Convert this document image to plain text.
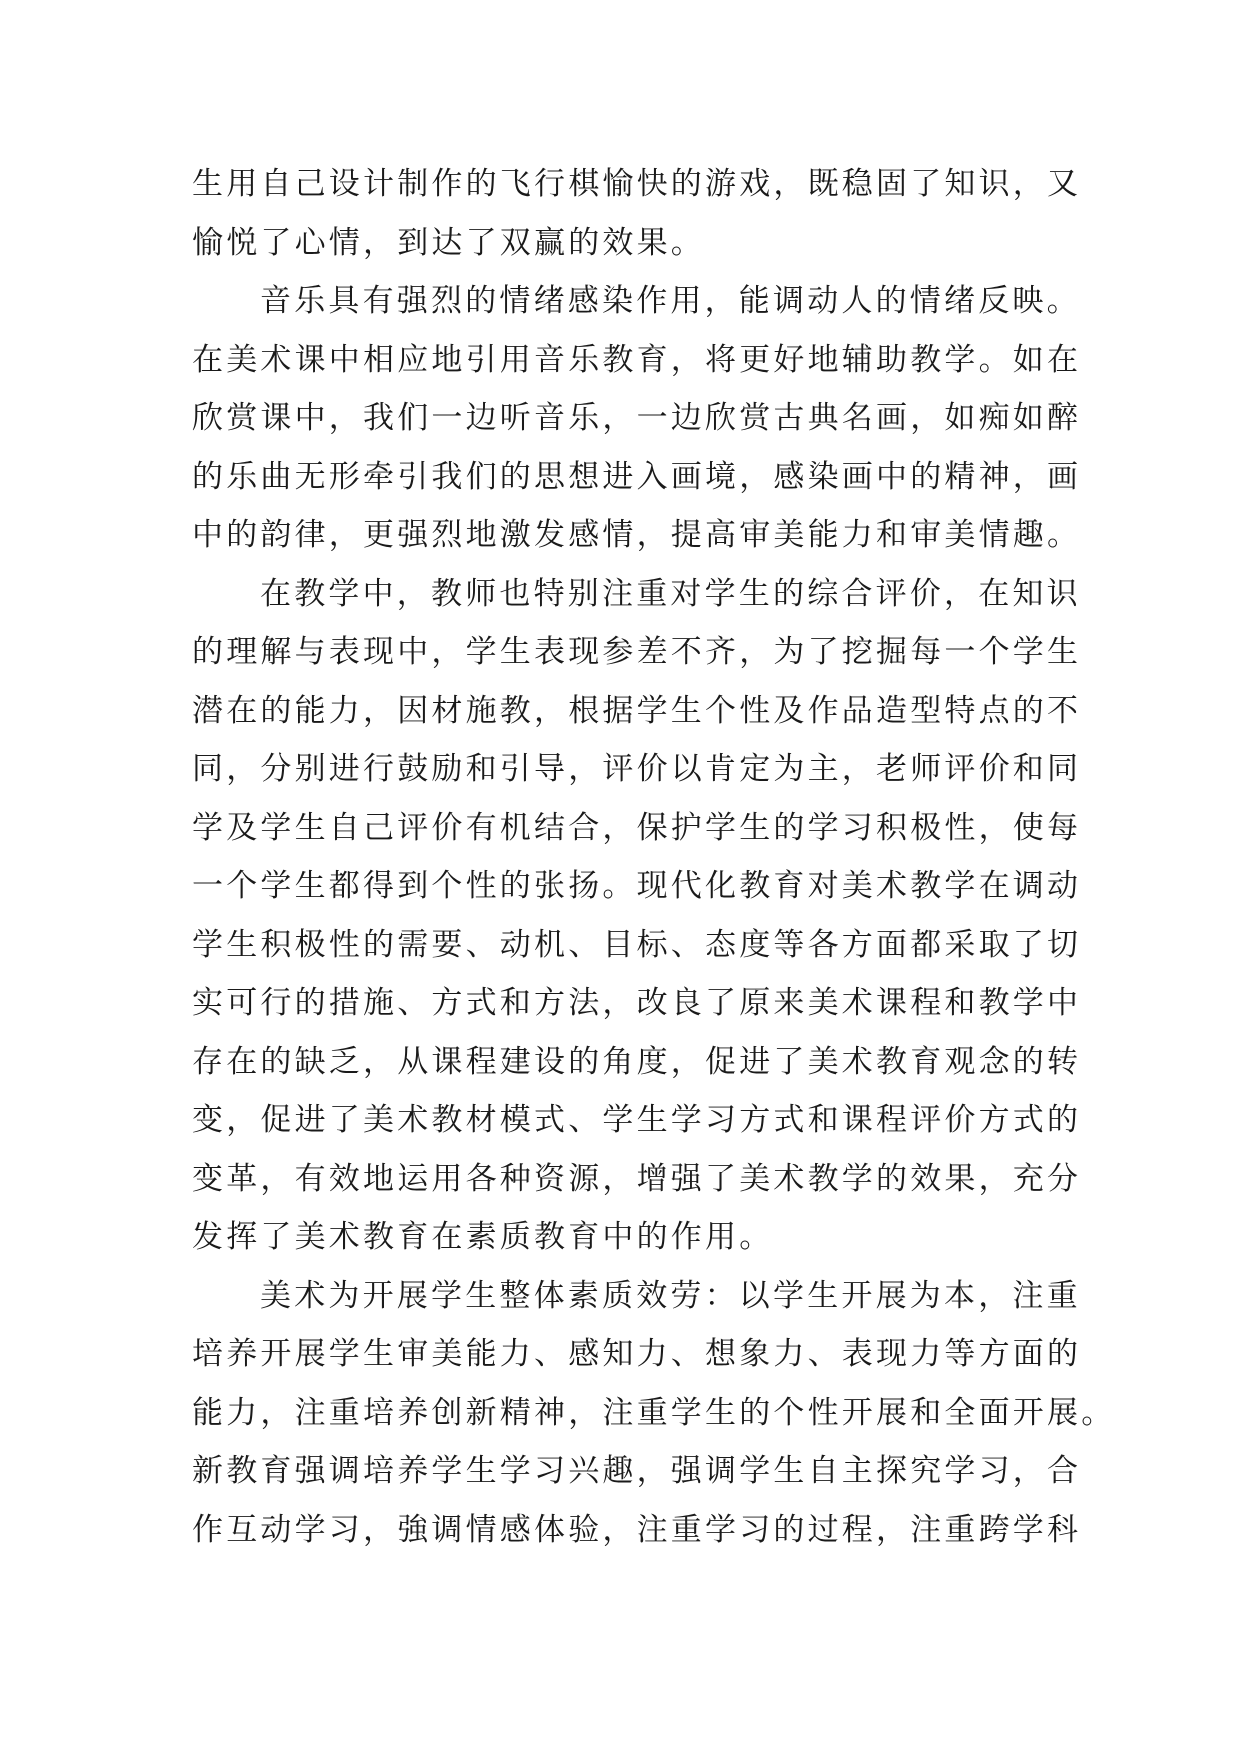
生用自己设计制作的飞行棋愉快的游戏，既稳固了知识，又
愉悦了心情，到达了双赢的效果。
音乐具有强烈的情绪感染作用，能调动人的情绪反映。
在美术课中相应地引用音乐教育，将更好地辅助教学。如在
欣赏课中，我们一边听音乐，一边欣赏古典名画，如痴如醉
的乐曲无形牵引我们的思想进入画境，感染画中的精神，画
中的韵律，更强烈地激发感情，提高审美能力和审美情趣。
在教学中，教师也特别注重对学生的综合评价，在知识
的理解与表现中，学生表现参差不齐，为了挖掘每一个学生
潜在的能力，因材施教，根据学生个性及作品造型特点的不
同，分别进行鼓励和引导，评价以肯定为主，老师评价和同
学及学生自己评价有机结合，保护学生的学习积极性，使每
一个学生都得到个性的张扬。现代化教育对美术教学在调动
学生积极性的需要、动机、目标、态度等各方面都采取了切
实可行的措施、方式和方法，改良了原来美术课程和教学中
存在的缺乏，从课程建设的角度，促进了美术教育观念的转
变，促进了美术教材模式、学生学习方式和课程评价方式的
变革，有效地运用各种资源，增强了美术教学的效果，充分
发挥了美术教育在素质教育中的作用。
美术为开展学生整体素质效劳：以学生开展为本，注重
培养开展学生审美能力、感知力、想象力、表现力等方面的
能力，注重培养创新精神，注重学生的个性开展和全面开展。
新教育强调培养学生学习兴趣，强调学生自主探究学习，合
作互动学习，強调情感体验，注重学习的过程，注重跨学科
